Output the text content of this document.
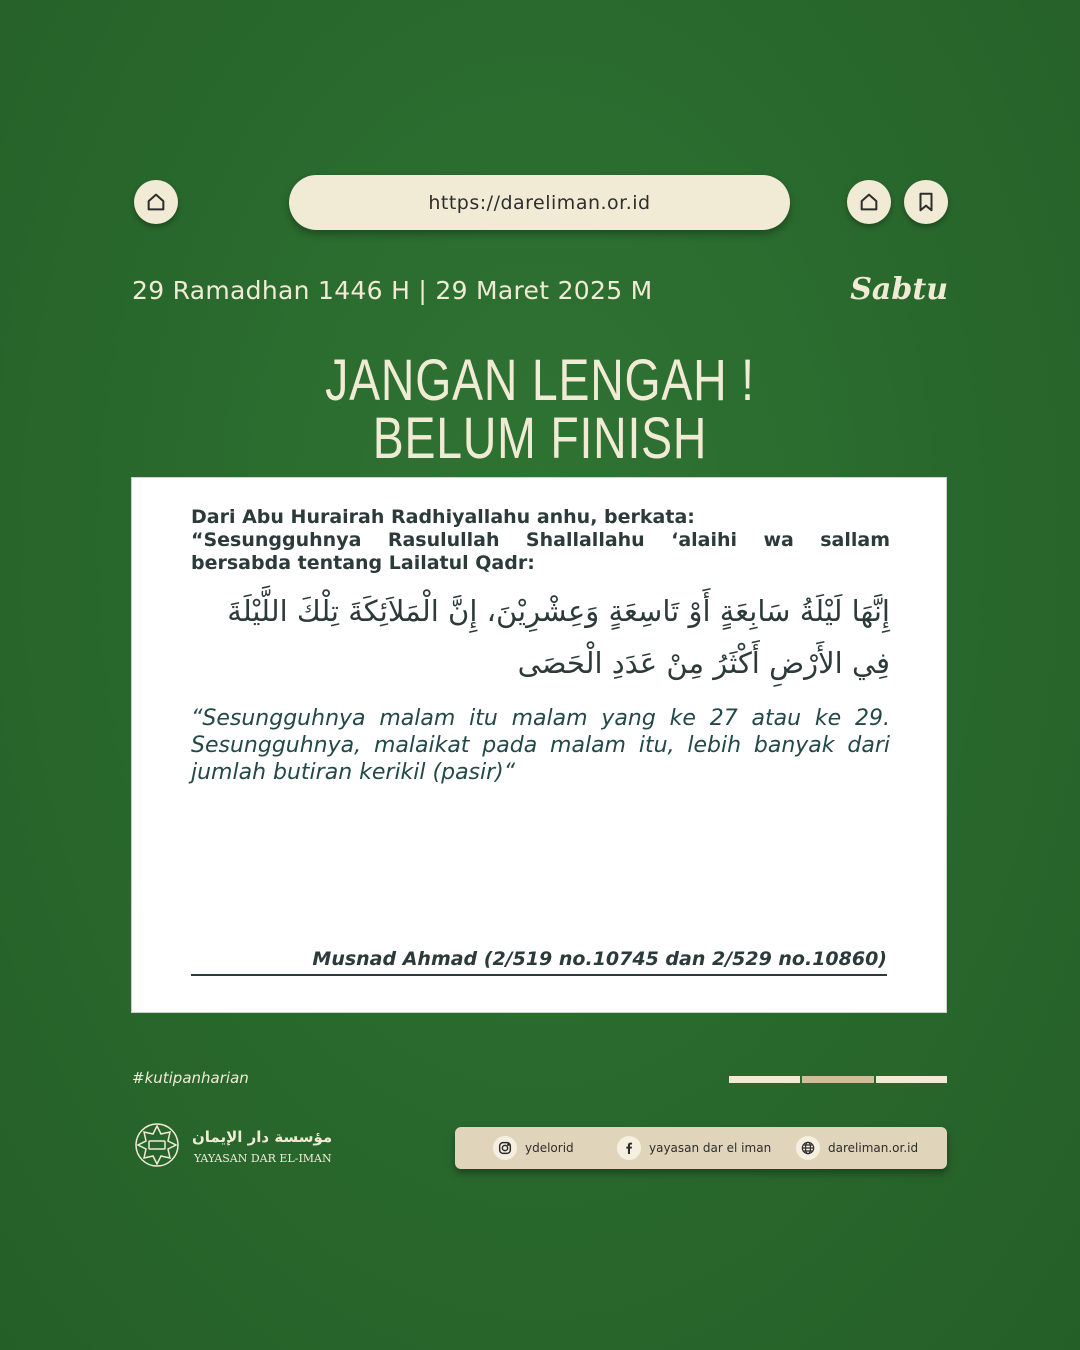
https://dareliman.or.id
29 Ramadhan 1446 H | 29 Maret 2025 M	Sabtu
JANGAN LENGAH !
BELUM FINISH

Dari Abu Hurairah Radhiyallahu anhu, berkata:

“Sesungguhnya Rasulullah Shallallahu ‘alaihi wa sallam bersabda tentang Lailatul Qadr:

إِنَّهَا لَيْلَةُ سَابِعَةٍ أَوْ تَاسِعَةٍ وَعِشْرِيْنَ، إِنَّ الْمَلاَئِكَةَ تِلْكَ اللَّيْلَةَ فِي الأَرْضِ أَكْثَرُ مِنْ عَدَدِ الْحَصَى
“Sesungguhnya malam itu malam yang ke 27 atau ke 29. Sesungguhnya, malaikat pada malam itu, lebih banyak dari jumlah butiran kerikil (pasir)“
Musnad Ahmad (2/519 no.10745 dan 2/529 no.10860)
#kutipanharian
مؤسسة دار الإيمان
YAYASAN DAR EL-IMAN
ydelorid	yayasan dar el iman	dareliman.or.id
